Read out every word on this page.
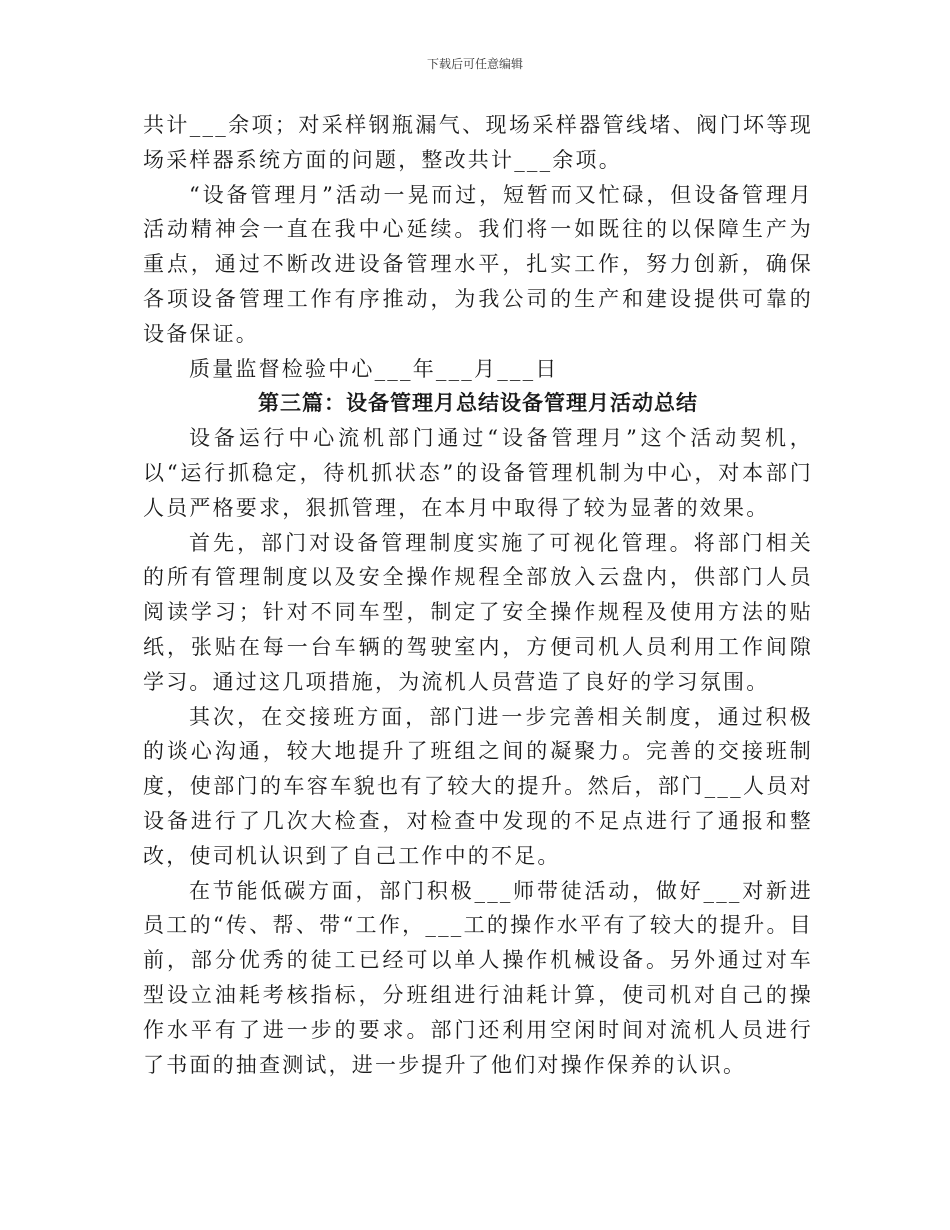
下载后可任意编辑

共计___余项；对采样钢瓶漏气、现场采样器管线堵、阀门坏等现场采样器系统方面的问题，整改共计___余项。

“设备管理月”活动一晃而过，短暂而又忙碌，但设备管理月活动精神会一直在我中心延续。我们将一如既往的以保障生产为重点，通过不断改进设备管理水平，扎实工作，努力创新，确保各项设备管理工作有序推动，为我公司的生产和建设提供可靠的设备保证。

质量监督检验中心___年___月___日

第三篇：设备管理月总结设备管理月活动总结

设备运行中心流机部门通过“设备管理月”这个活动契机，以“运行抓稳定，待机抓状态”的设备管理机制为中心，对本部门人员严格要求，狠抓管理，在本月中取得了较为显著的效果。

首先，部门对设备管理制度实施了可视化管理。将部门相关的所有管理制度以及安全操作规程全部放入云盘内，供部门人员阅读学习；针对不同车型，制定了安全操作规程及使用方法的贴纸，张贴在每一台车辆的驾驶室内，方便司机人员利用工作间隙学习。通过这几项措施，为流机人员营造了良好的学习氛围。

其次，在交接班方面，部门进一步完善相关制度，通过积极的谈心沟通，较大地提升了班组之间的凝聚力。完善的交接班制度，使部门的车容车貌也有了较大的提升。然后，部门___人员对设备进行了几次大检查，对检查中发现的不足点进行了通报和整改，使司机认识到了自己工作中的不足。

在节能低碳方面，部门积极___师带徒活动，做好___对新进员工的“传、帮、带“工作，___工的操作水平有了较大的提升。目前，部分优秀的徒工已经可以单人操作机械设备。另外通过对车型设立油耗考核指标，分班组进行油耗计算，使司机对自己的操作水平有了进一步的要求。部门还利用空闲时间对流机人员进行了书面的抽查测试，进一步提升了他们对操作保养的认识。
